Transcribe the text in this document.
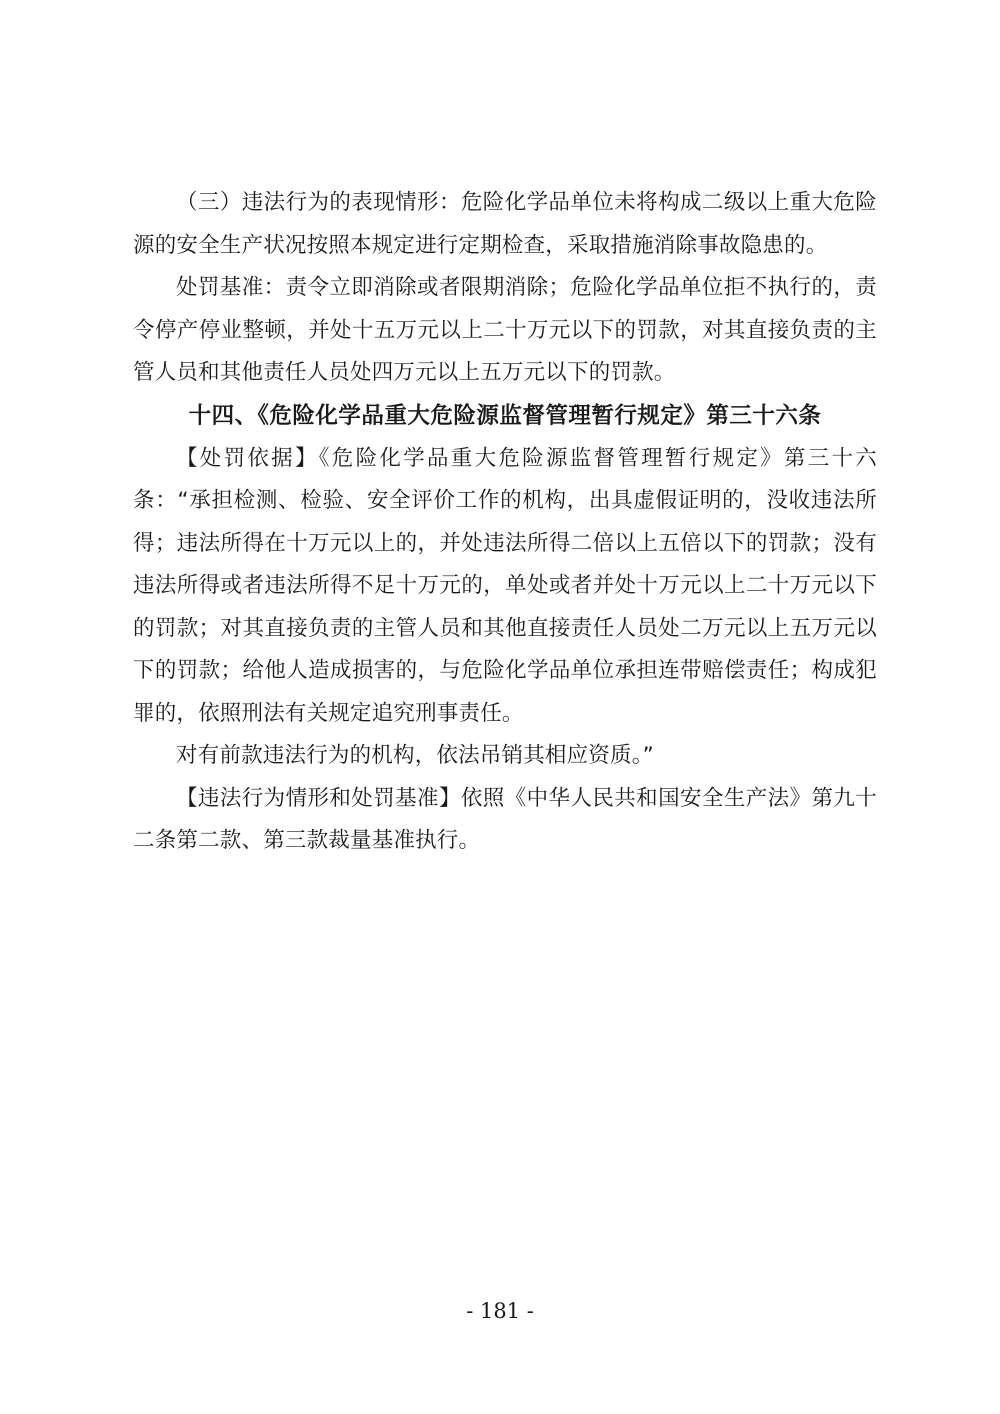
（三）违法行为的表现情形：危险化学品单位未将构成二级以上重大危险源的安全生产状况按照本规定进行定期检查，采取措施消除事故隐患的。

处罚基准：责令立即消除或者限期消除；危险化学品单位拒不执行的，责令停产停业整顿，并处十五万元以上二十万元以下的罚款，对其直接负责的主管人员和其他责任人员处四万元以上五万元以下的罚款。

十四、《危险化学品重大危险源监督管理暂行规定》第三十六条

【处罚依据】《危险化学品重大危险源监督管理暂行规定》第三十六条：“承担检测、检验、安全评价工作的机构，出具虚假证明的，没收违法所得；违法所得在十万元以上的，并处违法所得二倍以上五倍以下的罚款；没有违法所得或者违法所得不足十万元的，单处或者并处十万元以上二十万元以下的罚款；对其直接负责的主管人员和其他直接责任人员处二万元以上五万元以下的罚款；给他人造成损害的，与危险化学品单位承担连带赔偿责任；构成犯罪的，依照刑法有关规定追究刑事责任。

对有前款违法行为的机构，依法吊销其相应资质。”

【违法行为情形和处罚基准】依照《中华人民共和国安全生产法》第九十二条第二款、第三款裁量基准执行。

- 181 -
